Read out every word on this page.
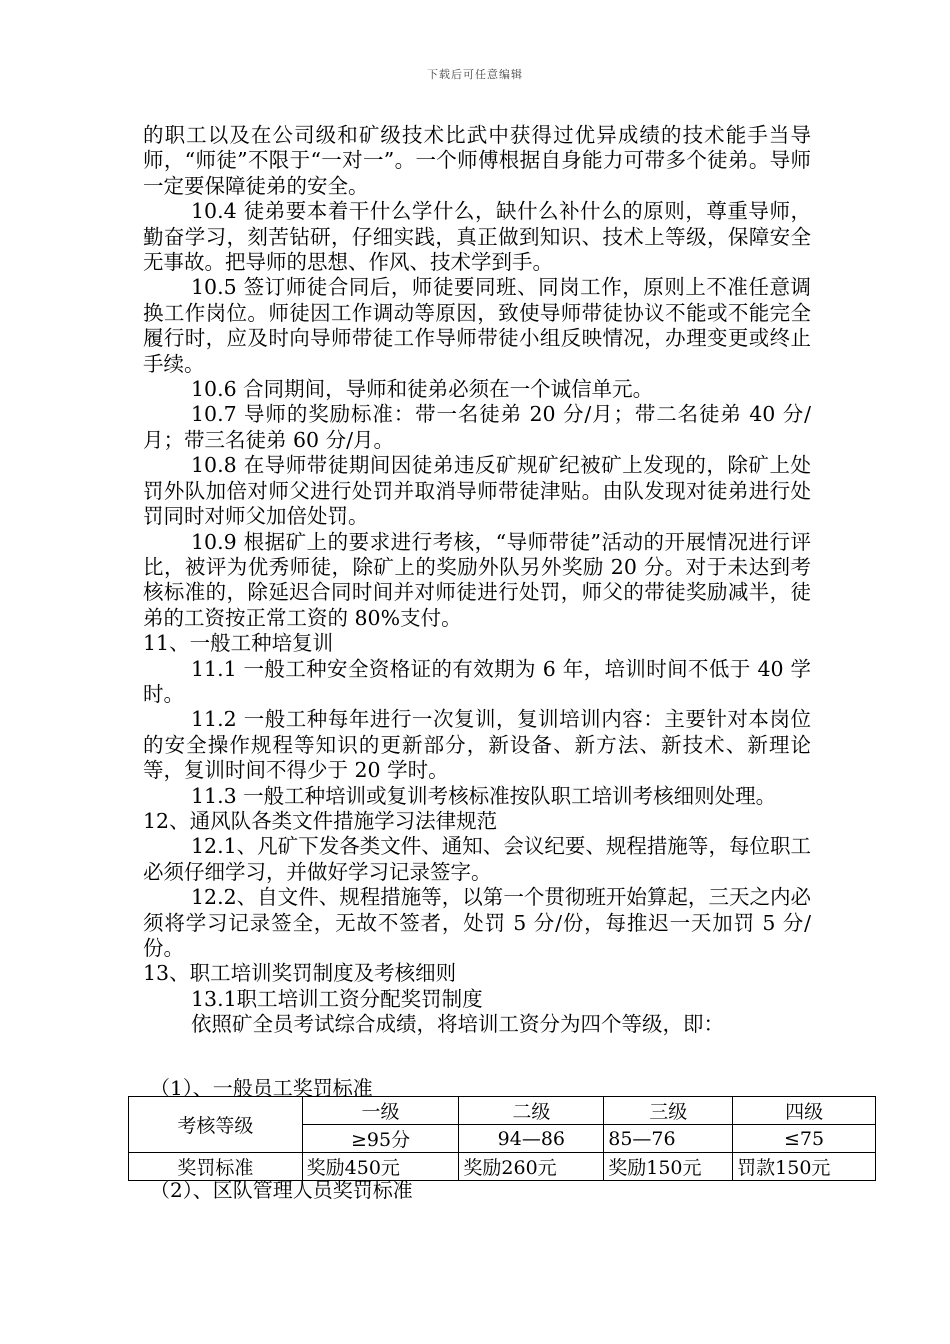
下载后可任意编辑

的职工以及在公司级和矿级技术比武中获得过优异成绩的技术能手当导师，“师徒”不限于“一对一”。一个师傅根据自身能力可带多个徒弟。导师一定要保障徒弟的安全。

10.4 徒弟要本着干什么学什么，缺什么补什么的原则，尊重导师，勤奋学习，刻苦钻研，仔细实践，真正做到知识、技术上等级，保障安全无事故。把导师的思想、作风、技术学到手。

10.5 签订师徒合同后，师徒要同班、同岗工作，原则上不准任意调换工作岗位。师徒因工作调动等原因，致使导师带徒协议不能或不能完全履行时，应及时向导师带徒工作导师带徒小组反映情况，办理变更或终止手续。

10.6 合同期间，导师和徒弟必须在一个诚信单元。

10.7 导师的奖励标准：带一名徒弟 20 分/月；带二名徒弟 40 分/月；带三名徒弟 60 分/月。

10.8 在导师带徒期间因徒弟违反矿规矿纪被矿上发现的，除矿上处罚外队加倍对师父进行处罚并取消导师带徒津贴。由队发现对徒弟进行处罚同时对师父加倍处罚。

10.9 根据矿上的要求进行考核，“导师带徒”活动的开展情况进行评比，被评为优秀师徒，除矿上的奖励外队另外奖励 20 分。对于未达到考核标准的，除延迟合同时间并对师徒进行处罚，师父的带徒奖励减半，徒弟的工资按正常工资的 80%支付。

11、一般工种培复训

11.1 一般工种安全资格证的有效期为 6 年，培训时间不低于 40 学时。

11.2 一般工种每年进行一次复训，复训培训内容：主要针对本岗位的安全操作规程等知识的更新部分，新设备、新方法、新技术、新理论等，复训时间不得少于 20 学时。

11.3 一般工种培训或复训考核标准按队职工培训考核细则处理。

12、通风队各类文件措施学习法律规范

12.1、凡矿下发各类文件、通知、会议纪要、规程措施等，每位职工必须仔细学习，并做好学习记录签字。

12.2、自文件、规程措施等，以第一个贯彻班开始算起，三天之内必须将学习记录签全，无故不签者，处罚 5 分/份，每推迟一天加罚 5 分/份。

13、职工培训奖罚制度及考核细则

13.1职工培训工资分配奖罚制度

依照矿全员考试综合成绩，将培训工资分为四个等级，即：

（1）、一般员工奖罚标准
考核等级	一级	二级	三级	四级
	≥95分	94—86	85—76	≤75
奖罚标准	奖励450元	奖励260元	奖励150元	罚款150元
（2）、区队管理人员奖罚标准
